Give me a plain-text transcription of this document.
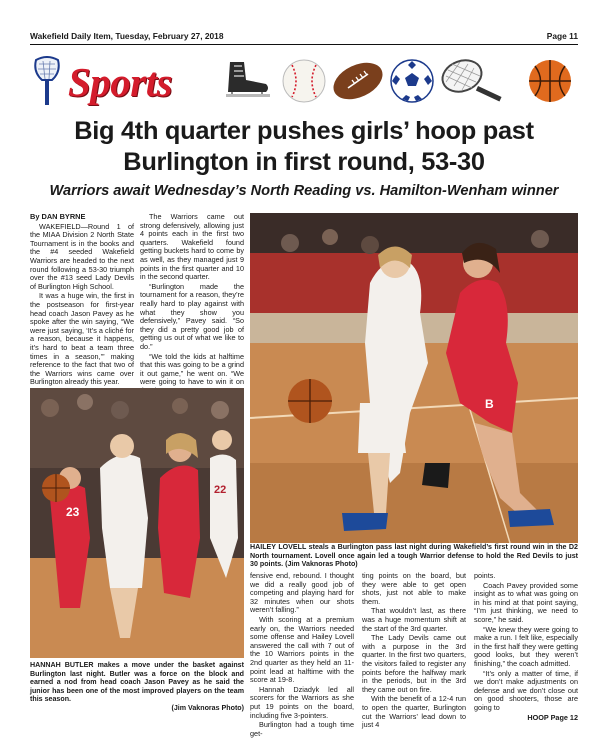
Wakefield Daily Item, Tuesday, February 27, 2018	Page 11
Sports
Big 4th quarter pushes girls’ hoop past
Burlington in first round, 53-30
Warriors await Wednesday’s North Reading vs. Hamilton-Wenham winner
By DAN BYRNE

WAKEFIELD—Round 1 of the MIAA Division 2 North State Tournament is in the books and the #4 seeded Wakefield Warriors are headed to the next round following a 53-30 triumph over the #13 seed Lady Devils of Burlington High School.

It was a huge win, the first in the postseason for first-year head coach Jason Pavey as he spoke after the win saying, “We were just saying, ‘It’s a cliché for a reason, because it happens, it’s hard to beat a team three times in a season,’” making reference to the fact that two of the Warriors wins came over Burlington already this year.

The Warriors came out strong defensively, allowing just 4 points each in the first two quarters. Wakefield found getting buckets hard to come by as well, as they managed just 9 points in the first quarter and 10 in the second quarter.

“Burlington made the tournament for a reason, they’re really hard to play against with what they show you defensively,” Pavey said. “So they did a pretty good job of getting us out of what we like to do.”

“We told the kids at halftime that this was going to be a grind it out game,” he went on. “We were going to have to win it on

B
HAILEY LOVELL steals a Burlington pass last night during Wakefield’s first round win in the D2 North tournament. Lovell once again led a tough Warrior defense to hold the Red Devils to just 30 points. (Jim Vaknoras Photo)
23
22
HANNAH BUTLER makes a move under the basket against Burlington last night. Butler was a force on the block and earned a nod from head coach Jason Pavey as he said the junior has been one of the most improved players on the team this season.
(Jim Vaknoras Photo)

fensive end, rebound. I thought we did a really good job of competing and playing hard for 32 minutes when our shots weren’t falling.”

With scoring at a premium early on, the Warriors needed some offense and Hailey Lovell answered the call with 7 out of the 10 Warriors points in the 2nd quarter as they held an 11-point lead at halftime with the score at 19-8.

Hannah Dziadyk led all scorers for the Warriors as she put 19 points on the board, including five 3-pointers.

Burlington had a tough time get-

ting points on the board, but they were able to get open shots, just not able to make them.

That wouldn’t last, as there was a huge momentum shift at the start of the 3rd quarter.

The Lady Devils came out with a purpose in the 3rd quarter. In the first two quarters, the visitors failed to register any points before the halfway mark in the periods, but in the 3rd they came out on fire.

With the benefit of a 12-4 run to open the quarter, Burlington cut the Warriors’ lead down to just 4

points.

Coach Pavey provided some insight as to what was going on in his mind at that point saying, “I’m just thinking, we need to score,” he said.

“We knew they were going to make a run. I felt like, especially in the first half they were getting good looks, but they weren’t finishing,” the coach admitted.

“It’s only a matter of time, if we don’t make adjustments on defense and we don’t close out on good shooters, those are going to

HOOP Page 12
